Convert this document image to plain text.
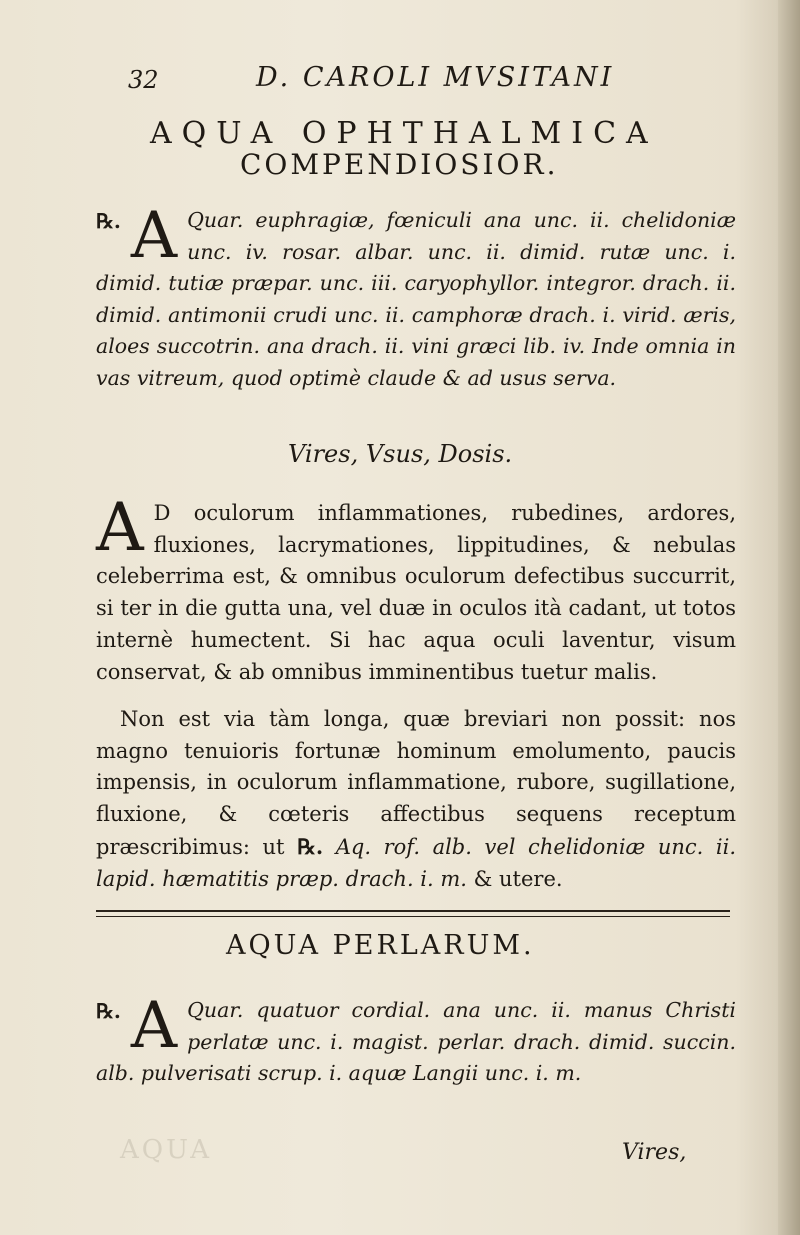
32	D. CAROLI MVSITANI
AQUA OPHTHALMICA
COMPENDIOSIOR.
℞. A Quar. euphragiæ, fœniculi ana unc. ii. chelidoniæ unc. iv. rosar. albar. unc. ii. dimid. rutæ unc. i. dimid. tutiæ præpar. unc. iii. caryophyllor. integror. drach. ii. dimid. antimonii crudi unc. ii. camphoræ drach. i. virid. æris, aloes succotrin. ana drach. ii. vini græci lib. iv. Inde omnia in vas vitreum, quod optimè claude & ad usus serva.
Vires, Vsus, Dosis.
A D oculorum inflammationes, rubedines, ardores, fluxiones, lacrymationes, lippitudines, & nebulas celeberrima est, & omnibus oculorum defectibus succurrit, si ter in die gutta una, vel duæ in oculos ità cadant, ut totos internè humectent. Si hac aqua oculi laventur, visum conservat, & ab omnibus imminentibus tuetur malis.
Non est via tàm longa, quæ breviari non possit: nos magno tenuioris fortunæ hominum emolumento, paucis impensis, in oculorum inflammatione, rubore, sugillatione, fluxione, & cœteris affectibus sequens receptum præscribimus: ut ℞. Aq. rof. alb. vel chelidoniæ unc. ii. lapid. hæmatitis præp. drach. i. m. & utere.
AQUA PERLARUM.
℞. A Quar. quatuor cordial. ana unc. ii. manus Christi perlatæ unc. i. magist. perlar. drach. dimid. succin. alb. pulverisati scrup. i. aquæ Langii unc. i. m.
AQUA	Vires,
